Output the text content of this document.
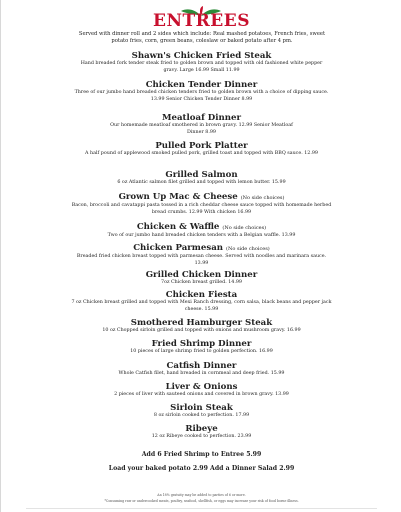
ENTREES
Served with dinner roll and 2 sides which include: Real mashed potatoes, French fries, sweet potato fries, corn, green beans, coleslaw or baked potato after 4 pm.
Shawn's Chicken Fried Steak
Hand breaded fork tender steak fried to golden brown and topped with old fashioned white pepper gravy. Large 16.99 Small 11.99
Chicken Tender Dinner
Three of our jumbo hand breaded chicken tenders fried to golden brown with a choice of dipping sauce. 13.99 Senior Chicken Tender Dinner 8.99
Meatloaf Dinner
Our homemade meatloaf smothered in brown gravy. 12.99 Senior Meatloaf Dinner 8.99
Pulled Pork Platter
A half pound of applewood smoked pulled pork, grilled toast and topped with BBQ sauce. 12.99
Grilled Salmon
6 oz Atlantic salmon filet grilled and topped with lemon butter. 15.99
Grown Up Mac & Cheese (No side choices)
Bacon, broccoli and cavatappi pasta tossed in a rich cheddar cheese sauce topped with homemade herbed bread crumbs. 12.99 With chicken 16.99
Chicken & Waffle (No side choices)
Two of our jumbo hand breaded chicken tenders with a Belgian waffle. 13.99
Chicken Parmesan (No side choices)
Breaded fried chicken breast topped with parmesan cheese. Served with noodles and marinara sauce. 13.99
Grilled Chicken Dinner
7oz Chicken breast grilled. 14.99
Chicken Fiesta
7 oz Chicken breast grilled and topped with Mexi Ranch dressing, corn salsa, black beans and pepper jack cheese. 15.99
Smothered Hamburger Steak
10 oz Chopped sirloin grilled and topped with onions and mushroom gravy. 16.99
Fried Shrimp Dinner
10 pieces of large shrimp fried to golden perfection. 16.99
Catfish Dinner
Whole Catfish filet, hand breaded in cornmeal and deep fried. 15.99
Liver & Onions
2 pieces of liver with sauteed onions and covered in brown gravy. 13.99
Sirloin Steak
8 oz sirloin cooked to perfection. 17.99
Ribeye
12 oz Ribeye cooked to perfection. 23.99
Add 6 Fried Shrimp to Entree 5.99
Load your baked potato 2.99 Add a Dinner Salad 2.99
An 18% gratuity may be added to parties of 6 or more.
*Consuming raw or undercooked meats, poultry, seafood, shellfish, or eggs may increase your risk of food borne illness.
